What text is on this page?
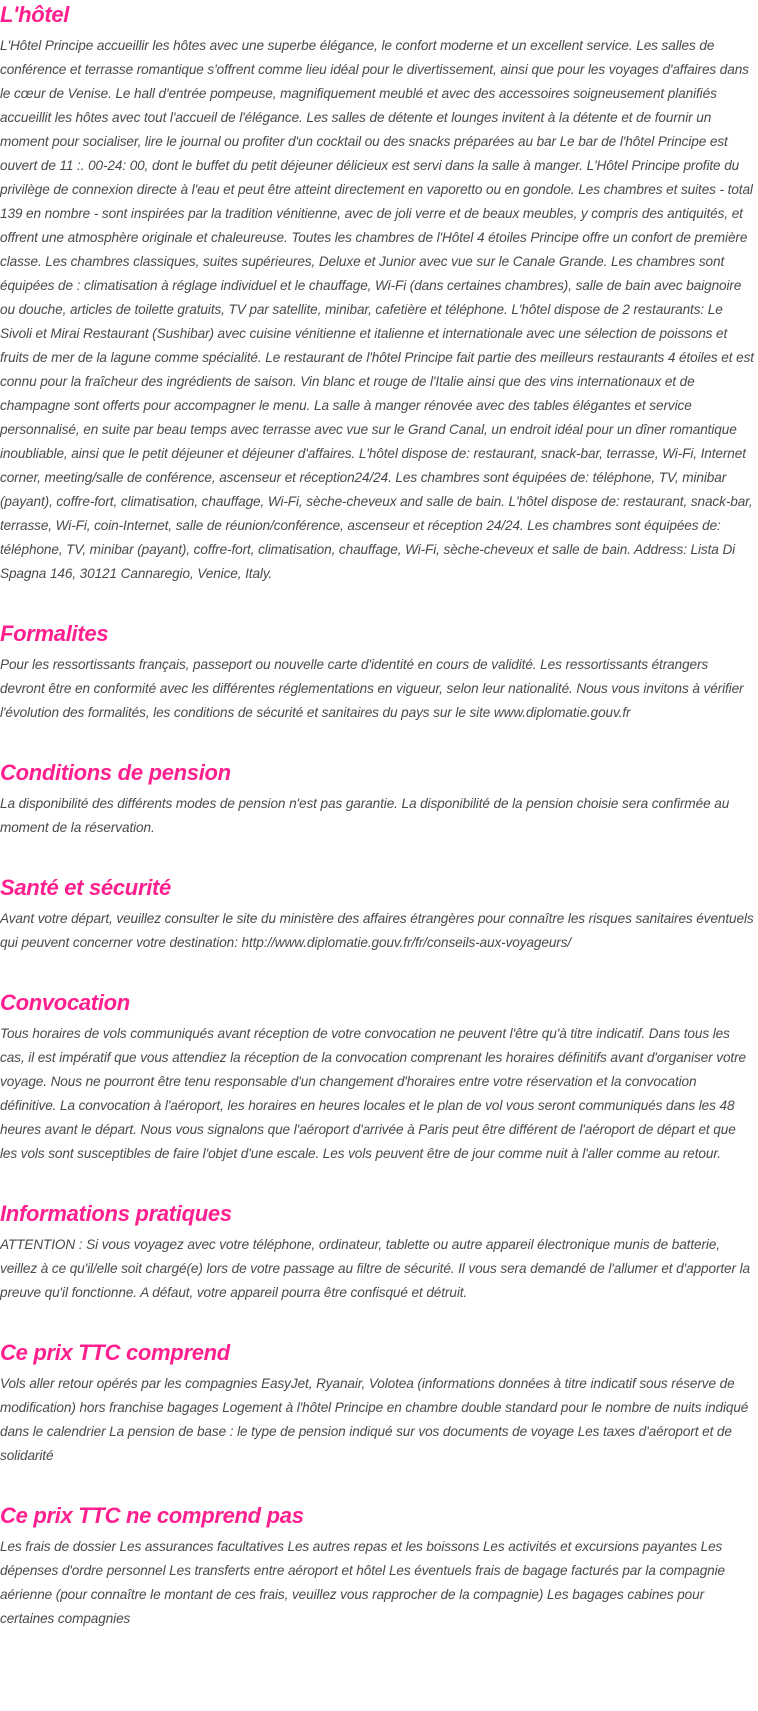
L'hôtel

L'Hôtel Principe accueillir les hôtes avec une superbe élégance, le confort moderne et un excellent service. Les salles de conférence et terrasse romantique s'offrent comme lieu idéal pour le divertissement, ainsi que pour les voyages d'affaires dans le cœur de Venise. Le hall d'entrée pompeuse, magnifiquement meublé et avec des accessoires soigneusement planifiés accueillit les hôtes avec tout l'accueil de l'élégance. Les salles de détente et lounges invitent à la détente et de fournir un moment pour socialiser, lire le journal ou profiter d'un cocktail ou des snacks préparées au bar Le bar de l'hôtel Principe est ouvert de 11 :. 00-24: 00, dont le buffet du petit déjeuner délicieux est servi dans la salle à manger. L'Hôtel Principe profite du privilège de connexion directe à l'eau et peut être atteint directement en vaporetto ou en gondole. Les chambres et suites - total 139 en nombre - sont inspirées par la tradition vénitienne, avec de joli verre et de beaux meubles, y compris des antiquités, et offrent une atmosphère originale et chaleureuse. Toutes les chambres de l'Hôtel 4 étoiles Principe offre un confort de première classe. Les chambres classiques, suites supérieures, Deluxe et Junior avec vue sur le Canale Grande. Les chambres sont équipées de : climatisation à réglage individuel et le chauffage, Wi-Fi (dans certaines chambres), salle de bain avec baignoire ou douche, articles de toilette gratuits, TV par satellite, minibar, cafetière et téléphone. L'hôtel dispose de 2 restaurants: Le Sivoli et Mirai Restaurant (Sushibar) avec cuisine vénitienne et italienne et internationale avec une sélection de poissons et fruits de mer de la lagune comme spécialité. Le restaurant de l'hôtel Principe fait partie des meilleurs restaurants 4 étoiles et est connu pour la fraîcheur des ingrédients de saison. Vin blanc et rouge de l'Italie ainsi que des vins internationaux et de champagne sont offerts pour accompagner le menu. La salle à manger rénovée avec des tables élégantes et service personnalisé, en suite par beau temps avec terrasse avec vue sur le Grand Canal, un endroit idéal pour un dîner romantique inoubliable, ainsi que le petit déjeuner et déjeuner d'affaires. L'hôtel dispose de: restaurant, snack-bar, terrasse, Wi-Fi, Internet corner, meeting/salle de conférence, ascenseur et réception24/24. Les chambres sont équipées de: téléphone, TV, minibar (payant), coffre-fort, climatisation, chauffage, Wi-Fi, sèche-cheveux and salle de bain. L'hôtel dispose de: restaurant, snack-bar, terrasse, Wi-Fi, coin-Internet, salle de réunion/conférence, ascenseur et réception 24/24. Les chambres sont équipées de: téléphone, TV, minibar (payant), coffre-fort, climatisation, chauffage, Wi-Fi, sèche-cheveux et salle de bain. Address: Lista Di Spagna 146, 30121 Cannaregio, Venice, Italy.

Formalites

Pour les ressortissants français, passeport ou nouvelle carte d'identité en cours de validité. Les ressortissants étrangers devront être en conformité avec les différentes réglementations en vigueur, selon leur nationalité. Nous vous invitons à vérifier l'évolution des formalités, les conditions de sécurité et sanitaires du pays sur le site www.diplomatie.gouv.fr

Conditions de pension

La disponibilité des différents modes de pension n'est pas garantie. La disponibilité de la pension choisie sera confirmée au moment de la réservation.

Santé et sécurité

Avant votre départ, veuillez consulter le site du ministère des affaires étrangères pour connaître les risques sanitaires éventuels qui peuvent concerner votre destination: http://www.diplomatie.gouv.fr/fr/conseils-aux-voyageurs/

Convocation

Tous horaires de vols communiqués avant réception de votre convocation ne peuvent l'être qu'à titre indicatif. Dans tous les cas, il est impératif que vous attendiez la réception de la convocation comprenant les horaires définitifs avant d'organiser votre voyage. Nous ne pourront être tenu responsable d'un changement d'horaires entre votre réservation et la convocation définitive. La convocation à l'aéroport, les horaires en heures locales et le plan de vol vous seront communiqués dans les 48 heures avant le départ. Nous vous signalons que l'aéroport d'arrivée à Paris peut être différent de l'aéroport de départ et que les vols sont susceptibles de faire l'objet d'une escale. Les vols peuvent être de jour comme nuit à l'aller comme au retour.

Informations pratiques

ATTENTION : Si vous voyagez avec votre téléphone, ordinateur, tablette ou autre appareil électronique munis de batterie, veillez à ce qu'il/elle soit chargé(e) lors de votre passage au filtre de sécurité. Il vous sera demandé de l'allumer et d'apporter la preuve qu'il fonctionne. A défaut, votre appareil pourra être confisqué et détruit.

Ce prix TTC comprend

Vols aller retour opérés par les compagnies EasyJet, Ryanair, Volotea (informations données à titre indicatif sous réserve de modification) hors franchise bagages Logement à l'hôtel Principe en chambre double standard pour le nombre de nuits indiqué dans le calendrier La pension de base : le type de pension indiqué sur vos documents de voyage Les taxes d'aéroport et de solidarité

Ce prix TTC ne comprend pas

Les frais de dossier Les assurances facultatives Les autres repas et les boissons Les activités et excursions payantes Les dépenses d'ordre personnel Les transferts entre aéroport et hôtel Les éventuels frais de bagage facturés par la compagnie aérienne (pour connaître le montant de ces frais, veuillez vous rapprocher de la compagnie) Les bagages cabines pour certaines compagnies
